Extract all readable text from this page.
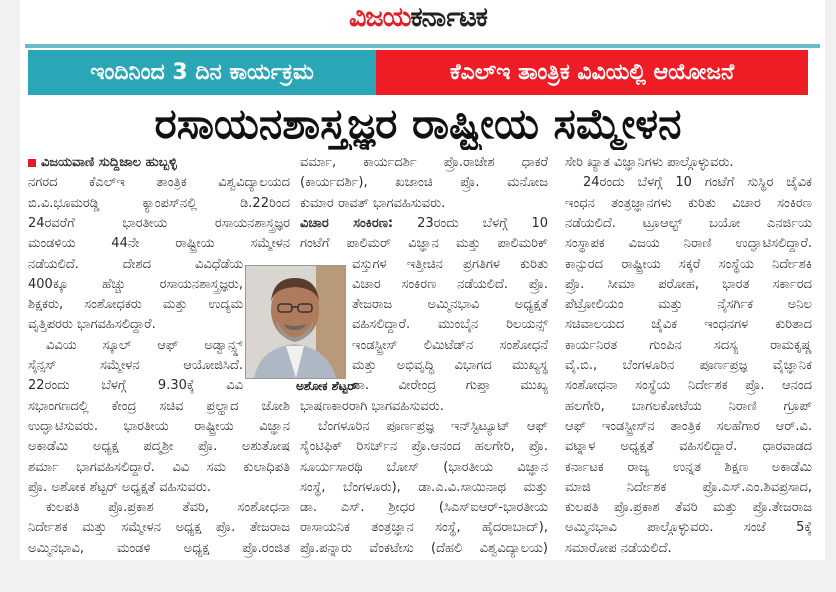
ವಿಜಯಕರ್ನಾಟಕ
ಇಂದಿನಿಂದ 3 ದಿನ ಕಾರ್ಯಕ್ರಮ	ಕೆಎಲ್‌ಇ ತಾಂತ್ರಿಕ ವಿವಿಯಲ್ಲಿ ಆಯೋಜನೆ
ರಸಾಯನಶಾಸ್ತ್ರಜ್ಞರ ರಾಷ್ಟ್ರೀಯ ಸಮ್ಮೇಳನ
ವಿಜಯವಾಣಿ ಸುದ್ದಿಜಾಲ ಹುಬ್ಬಳ್ಳಿ
ನಗರದ ಕೆಎಲ್‌ಇ ತಾಂತ್ರಿಕ ವಿಶ್ವವಿದ್ಯಾಲಯದ
ಬಿ.ವಿ.ಭೂಮರಡ್ಡಿ ಕ್ಯಾಂಪಸ್‌ನಲ್ಲಿ ಡಿ.22ರಿಂದ
24ರವರೆಗೆ ಭಾರತೀಯ ರಸಾಯನಶಾಸ್ತ್ರಜ್ಞರ
ಮಂಡಳಿಯ 44ನೇ ರಾಷ್ಟ್ರೀಯ ಸಮ್ಮೇಳನ
ನಡೆಯಲಿದೆ. ದೇಶದ ವಿವಿಧೆಡೆಯ
400ಕ್ಕೂ ಹೆಚ್ಚು ರಸಾಯನಶಾಸ್ತ್ರಜ್ಞರು,
ಶಿಕ್ಷಕರು, ಸಂಶೋಧಕರು ಮತ್ತು ಉದ್ಯಮ
ವೃತ್ತಿಪರರು ಭಾಗವಹಿಸಲಿದ್ದಾರೆ.
ವಿವಿಯ ಸ್ಕೂಲ್ ಆಫ್ ಅಡ್ವಾನ್ಸ್ಡ್
ಸೈನ್ಸಸ್ ಸಮ್ಮೇಳನ ಆಯೋಜಿಸಿದೆ.
22ರಂದು ಬೆಳಗ್ಗೆ 9.30ಕ್ಕೆ ವಿವಿ
ಸಭಾಂಗಣದಲ್ಲಿ ಕೇಂದ್ರ ಸಚಿವ ಪ್ರಲ್ಹಾದ ಜೋಶಿ
ಉದ್ಘಾಟಿಸುವರು. ಭಾರತೀಯ ರಾಷ್ಟ್ರೀಯ ವಿಜ್ಞಾನ
ಅಕಾಡೆಮಿ ಅಧ್ಯಕ್ಷ ಪದ್ಮಶ್ರೀ ಪ್ರೊ. ಅಶುತೋಷ
ಶರ್ಮಾ ಭಾಗವಹಿಸಲಿದ್ದಾರೆ. ವಿವಿ ಸಮ ಕುಲಾಧಿಪತಿ
ಪ್ರೊ. ಅಶೋಕ ಶೆಟ್ಟರ್ ಅಧ್ಯಕ್ಷತೆ ವಹಿಸುವರು.
ಕುಲಪತಿ ಪ್ರೊ.ಪ್ರಕಾಶ ತೆವರಿ, ಸಂಶೋಧನಾ
ನಿರ್ದೇಶಕ ಮತ್ತು ಸಮ್ಮೇಳನ ಅಧ್ಯಕ್ಷ ಪ್ರೊ. ತೇಜರಾಜ
ಅಮ್ಮಿನಭಾವಿ, ಮಂಡಳಿ ಅಧ್ಯಕ್ಷ ಪ್ರೊ.ರಂಜಿತ
ವರ್ಮಾ, ಕಾರ್ಯದರ್ಶಿ ಪ್ರೊ.ರಾಜೇಶ ಧಾಕರೆ
(ಕಾರ್ಯದರ್ಶಿ), ಖಜಾಂಚಿ ಪ್ರೊ. ಮನೋಜ
ಕುಮಾರ ರಾವತ್ ಭಾಗವಹಿಸುವರು.
ವಿಚಾರ ಸಂಕಿರಣ: 23ರಂದು ಬೆಳಗ್ಗೆ 10
ಗಂಟೆಗೆ ಪಾಲಿಮರ್ ವಿಜ್ಞಾನ ಮತ್ತು ಪಾಲಿಮರಿಕ್
ವಸ್ತುಗಳ ಇತ್ತೀಚಿನ ಪ್ರಗತಿಗಳ ಕುರಿತು
ವಿಚಾರ ಸಂಕಿರಣ ನಡೆಯಲಿದೆ. ಪ್ರೊ.
ತೇಜರಾಜ ಅಮ್ಮಿನಭಾವಿ ಅಧ್ಯಕ್ಷತೆ
ವಹಿಸಲಿದ್ದಾರೆ. ಮುಂಬೈನ ರಿಲಯನ್ಸ್
ಇಂಡಸ್ಟ್ರೀಸ್ ಲಿಮಿಟೆಡ್‌ನ ಸಂಶೋಧನೆ
ಮತ್ತು ಅಭಿವೃದ್ಧಿ ವಿಭಾಗದ ಮುಖ್ಯಸ್ಥ
ಡಾ. ವೀರೇಂದ್ರ ಗುಪ್ತಾ ಮುಖ್ಯ
ಭಾಷಣಕಾರರಾಗಿ ಭಾಗವಹಿಸುವರು.
ಬೆಂಗಳೂರಿನ ಪೂರ್ಣಪ್ರಜ್ಞ ಇನ್‌ಸ್ಟಿಟ್ಯೂಟ್ ಆಫ್
ಸೈಂಟಿಫಿಕ್ ರಿಸರ್ಚ್‌ನ ಪ್ರೊ.ಆನಂದ ಹಲಗೇರಿ, ಪ್ರೊ.
ಸೂರ್ಯಸಾರಥಿ ಬೋಸ್ (ಭಾರತೀಯ ವಿಜ್ಞಾನ
ಸಂಸ್ಥೆ, ಬೆಂಗಳೂರು), ಡಾ.ಎ.ವಿ.ಸಾಯಿನಾಥ ಮತ್ತು
ಡಾ. ಎಸ್. ಶ್ರೀಧರ (ಸಿಎಸ್‌ಐಆರ್-ಭಾರತೀಯ
ರಾಸಾಯನಿಕ ತಂತ್ರಜ್ಞಾನ ಸಂಸ್ಥೆ, ಹೈದರಾಬಾದ್),
ಪ್ರೊ.ಪನ್ನಾರು ವೆಂಕಟೇಸು (ದೆಹಲಿ ವಿಶ್ವವಿದ್ಯಾಲಯ)
ಸೇರಿ ಖ್ಯಾತ ವಿಜ್ಞಾನಿಗಳು ಪಾಲ್ಗೊಳ್ಳುವರು.
24ರಂದು ಬೆಳಗ್ಗೆ 10 ಗಂಟೆಗೆ ಸುಸ್ಥಿರ ಜೈವಿಕ
ಇಂಧನ ತಂತ್ರಜ್ಞಾನಗಳು ಕುರಿತು ವಿಚಾರ ಸಂಕಿರಣ
ನಡೆಯಲಿದೆ. ಟ್ರೂಆಲ್ಟ್ ಬಯೋ ಎನರ್ಜಿಯ
ಸಂಸ್ಥಾಪಕ ವಿಜಯ ನಿರಾಣಿ ಉದ್ಘಾಟಿಸಲಿದ್ದಾರೆ.
ಕಾನ್ಪುರದ ರಾಷ್ಟ್ರೀಯ ಸಕ್ಕರೆ ಸಂಸ್ಥೆಯ ನಿರ್ದೇಶಕಿ
ಪ್ರೊ. ಸೀಮಾ ಪರೋಹ, ಭಾರತ ಸರ್ಕಾರದ
ಪೆಟ್ರೋಲಿಯಂ ಮತ್ತು ನೈಸರ್ಗಿಕ ಅನಿಲ
ಸಚಿವಾಲಯದ ಜೈವಿಕ ಇಂಧನಗಳ ಕುರಿತಾದ
ಕಾರ್ಯನಿರತ ಗುಂಪಿನ ಸದಸ್ಯ ರಾಮಕೃಷ್ಣ
ವೈ.ಬಿ., ಬೆಂಗಳೂರಿನ ಪೂರ್ಣಪ್ರಜ್ಞ ವೈಜ್ಞಾನಿಕ
ಸಂಶೋಧನಾ ಸಂಸ್ಥೆಯ ನಿರ್ದೇಶಕ ಪ್ರೊ. ಆನಂದ
ಹಲಗೇರಿ, ಬಾಗಲಕೋಟೆಯ ನಿರಾಣಿ ಗ್ರೂಪ್
ಆಫ್ ಇಂಡಸ್ಟ್ರೀಸ್‌ನ ತಾಂತ್ರಿಕ ಸಲಹೆಗಾರ ಆರ್.ವಿ.
ವಟ್ನಾಳ ಅಧ್ಯಕ್ಷತೆ ವಹಿಸಲಿದ್ದಾರೆ. ಧಾರವಾಡದ
ಕರ್ನಾಟಕ ರಾಜ್ಯ ಉನ್ನತ ಶಿಕ್ಷಣ ಅಕಾಡೆಮಿ
ಮಾಜಿ ನಿರ್ದೇಶಕ ಪ್ರೊ.ಎಸ್.ಎಂ.ಶಿವಪ್ರಸಾದ,
ಕುಲಪತಿ ಪ್ರೊ.ಪ್ರಕಾಶ ತೆವರಿ ಮತ್ತು ಪ್ರೊ.ತೇಜರಾಜ
ಅಮ್ಮಿನಭಾವಿ ಪಾಲ್ಗೊಳ್ಳುವರು. ಸಂಜೆ 5ಕ್ಕೆ
ಸಮಾರೋಪ ನಡೆಯಲಿದೆ.
ಅಶೋಕ ಶೆಟ್ಟರ್
